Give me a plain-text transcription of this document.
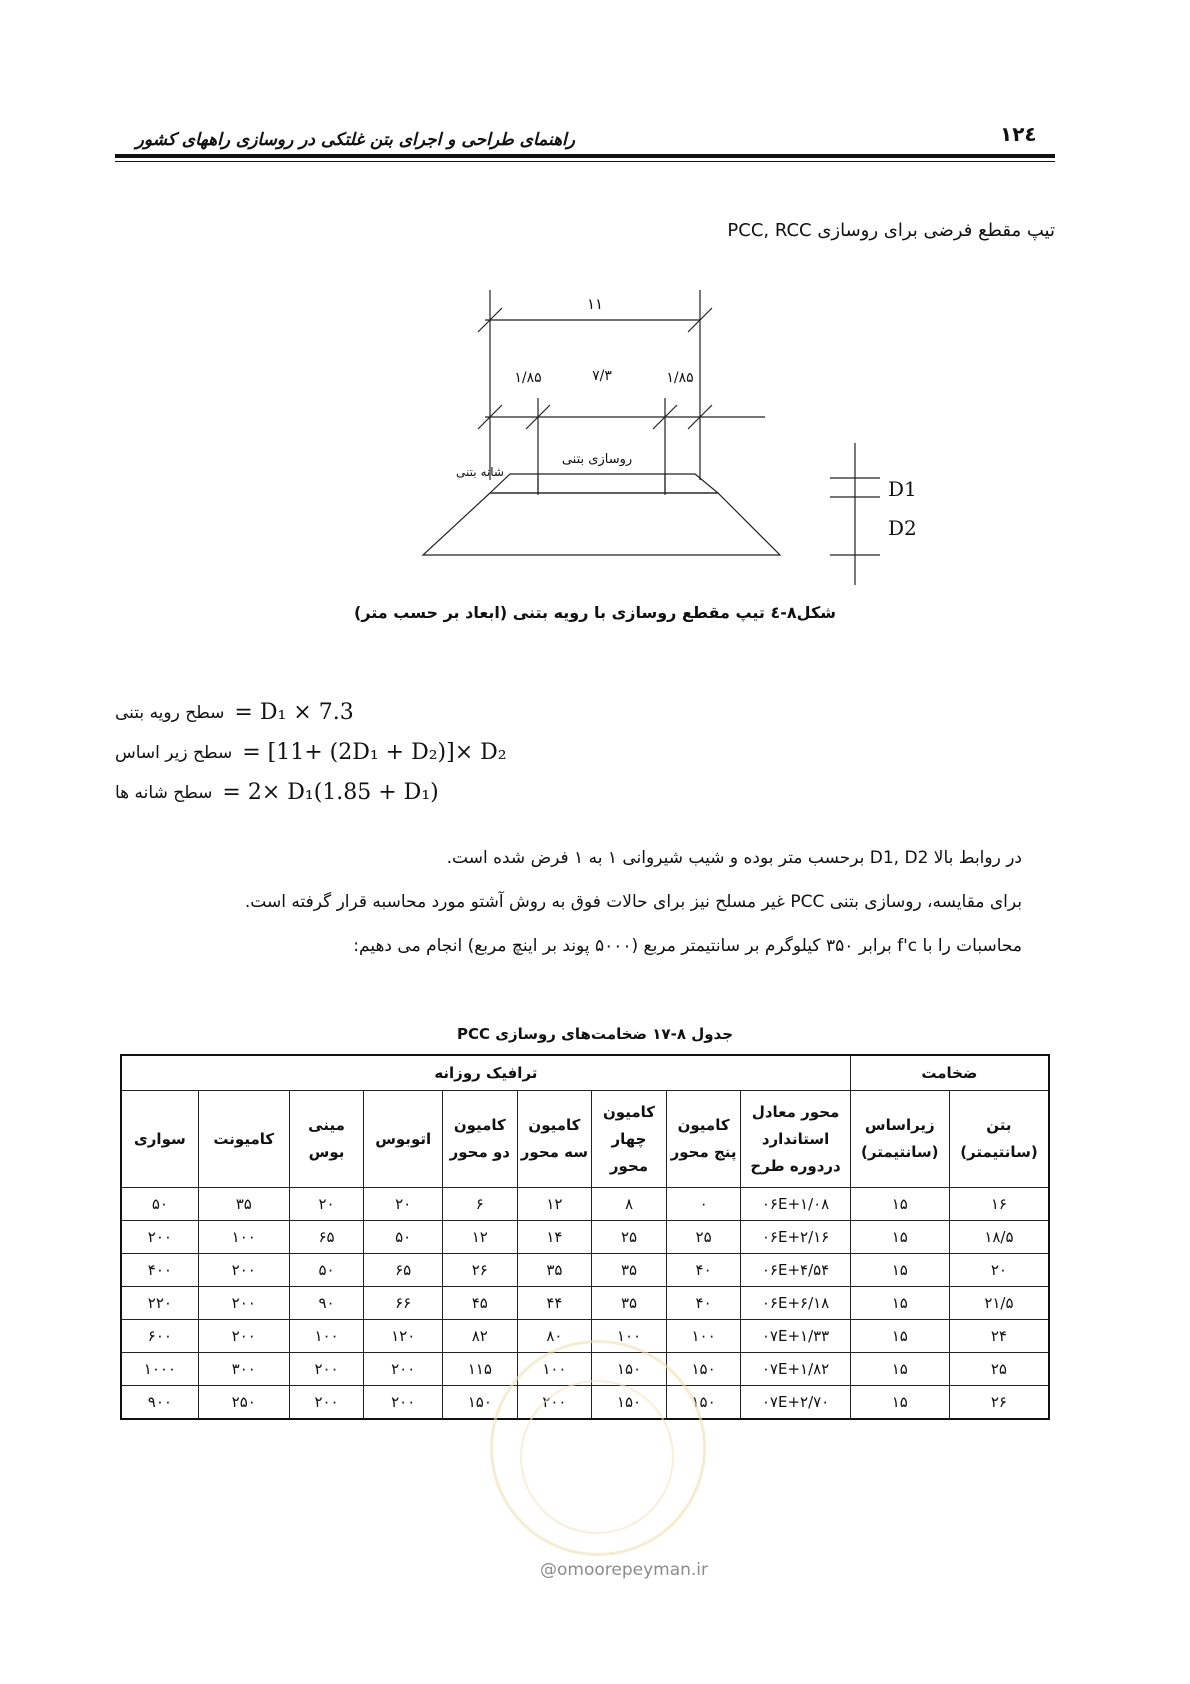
راهنمای طراحی و اجرای بتن غلتکی در روسازی راههای کشور	۱۲٤
تیپ مقطع فرضی برای روسازی PCC, RCC
۱۱
۱/۸۵	۷/۳	۱/۸۵
شانه بتنی
روسازی بتنی
D1
D2
شکل۸-٤ تیپ مقطع روسازی با رویه بتنی (ابعاد بر حسب متر)
سطح رویه بتنی = D₁ × 7.3
سطح زیر اساس = [11+ (2D₁ + D₂)]× D₂
سطح شانه ها = 2× D₁(1.85 + D₁)
در روابط بالا D1, D2 برحسب متر بوده و شیب شیروانی ۱ به ۱ فرض شده است.
برای مقایسه، روسازی بتنی PCC غیر مسلح نیز برای حالات فوق به روش آشتو مورد محاسبه قرار گرفته است.
محاسبات را با f'c برابر ۳۵۰ کیلوگرم بر سانتیمتر مربع (۵۰۰۰ پوند بر اینچ مربع) انجام می دهیم:
جدول ۸-۱۷ ضخامت‌های روسازی PCC
ضخامت		ترافیک روزانه								
بتن (سانتیمتر)	زیراساس (سانتیمتر)	محور معادل استاندارد دردوره طرح	کامیون پنج محور	کامیون چهار محور	کامیون سه محور	کامیون دو محور	اتوبوس	مینی بوس	کامیونت	سواری
۱۶	۱۵	۰۶E+۱/۰۸	۰	۸	۱۲	۶	۲۰	۲۰	۳۵	۵۰
۱۸/۵	۱۵	۰۶E+۲/۱۶	۲۵	۲۵	۱۴	۱۲	۵۰	۶۵	۱۰۰	۲۰۰
۲۰	۱۵	۰۶E+۴/۵۴	۴۰	۳۵	۳۵	۲۶	۶۵	۵۰	۲۰۰	۴۰۰
۲۱/۵	۱۵	۰۶E+۶/۱۸	۴۰	۳۵	۴۴	۴۵	۶۶	۹۰	۲۰۰	۲۲۰
۲۴	۱۵	۰۷E+۱/۳۳	۱۰۰	۱۰۰	۸۰	۸۲	۱۲۰	۱۰۰	۲۰۰	۶۰۰
۲۵	۱۵	۰۷E+۱/۸۲	۱۵۰	۱۵۰	۱۰۰	۱۱۵	۲۰۰	۲۰۰	۳۰۰	۱۰۰۰
۲۶	۱۵	۰۷E+۲/۷۰	۱۵۰	۱۵۰	۲۰۰	۱۵۰	۲۰۰	۲۰۰	۲۵۰	۹۰۰
@omoorepeyman.ir
